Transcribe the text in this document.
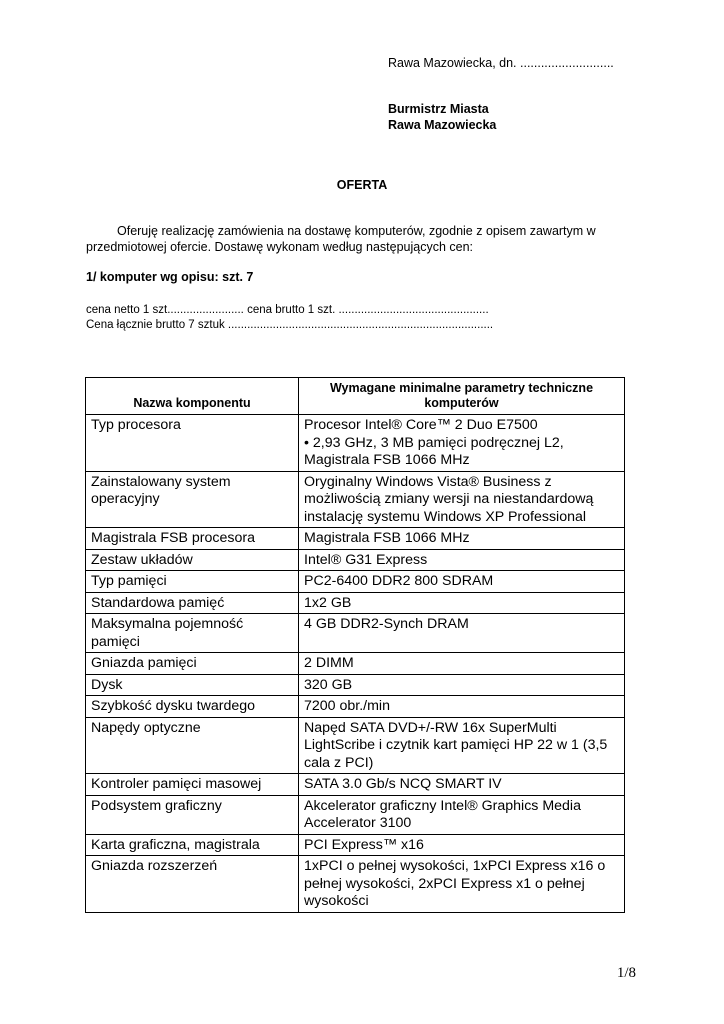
Rawa Mazowiecka, dn. ...........................
Burmistrz Miasta
Rawa Mazowiecka
OFERTA
Oferuję realizację zamówienia na dostawę komputerów, zgodnie z opisem zawartym w przedmiotowej ofercie. Dostawę wykonam według następujących cen:
1/ komputer wg opisu: szt. 7
cena netto 1 szt........................ cena brutto 1 szt. ...............................................
Cena łącznie brutto 7 sztuk ...................................................................................
Nazwa komponentu	Wymagane minimalne parametry techniczne komputerów
Typ procesora	Procesor Intel® Core™ 2 Duo E7500
• 2,93 GHz, 3 MB pamięci podręcznej L2,
Magistrala FSB 1066 MHz
Zainstalowany system operacyjny	Oryginalny Windows Vista® Business z możliwością zmiany wersji na niestandardową instalację systemu Windows XP Professional
Magistrala FSB procesora	Magistrala FSB 1066 MHz
Zestaw układów	Intel® G31 Express
Typ pamięci	PC2-6400 DDR2 800 SDRAM
Standardowa pamięć	1x2 GB
Maksymalna pojemność pamięci	4 GB DDR2-Synch DRAM
Gniazda pamięci	2 DIMM
Dysk	320 GB
Szybkość dysku twardego	7200 obr./min
Napędy optyczne	Napęd SATA DVD+/-RW 16x SuperMulti LightScribe i czytnik kart pamięci HP 22 w 1 (3,5 cala z PCI)
Kontroler pamięci masowej	SATA 3.0 Gb/s NCQ SMART IV
Podsystem graficzny	Akcelerator graficzny Intel® Graphics Media Accelerator 3100
Karta graficzna, magistrala	PCI Express™ x16
Gniazda rozszerzeń	1xPCI o pełnej wysokości, 1xPCI Express x16 o pełnej wysokości, 2xPCI Express x1 o pełnej wysokości
1/8
